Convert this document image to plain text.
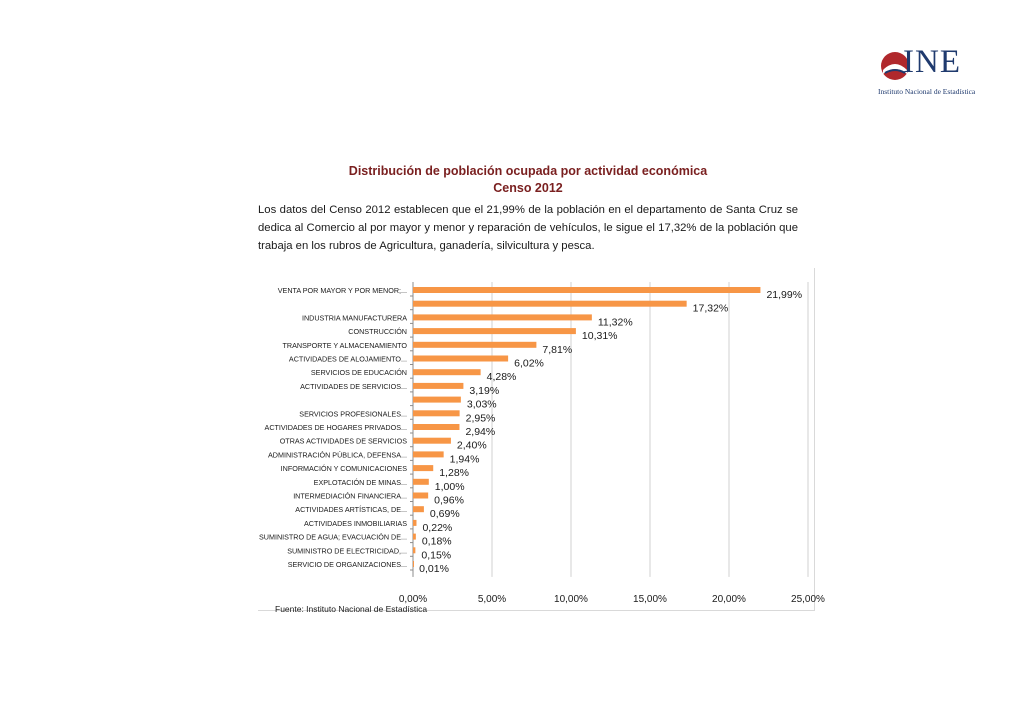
INE
Instituto Nacional de Estadística
Distribución de población ocupada por actividad económica
Censo 2012
Los datos del Censo 2012 establecen que el 21,99% de la población en el departamento de Santa Cruz se dedica al Comercio al por mayor y menor y reparación de vehículos, le sigue el 17,32% de la población que trabaja en los rubros de Agricultura, ganadería, silvicultura y pesca.
VENTA POR MAYOR Y POR MENOR;...	21,99%
17,32%
INDUSTRIA MANUFACTURERA	11,32%
CONSTRUCCIÓN	10,31%
TRANSPORTE Y ALMACENAMIENTO	7,81%
ACTIVIDADES DE ALOJAMIENTO...	6,02%
SERVICIOS DE EDUCACIÓN	4,28%
ACTIVIDADES DE SERVICIOS...	3,19%
3,03%
SERVICIOS PROFESIONALES...	2,95%
ACTIVIDADES DE HOGARES PRIVADOS...	2,94%
OTRAS ACTIVIDADES DE SERVICIOS	2,40%
ADMINISTRACIÓN PÚBLICA, DEFENSA...	1,94%
INFORMACIÓN Y COMUNICACIONES	1,28%
EXPLOTACIÓN DE MINAS...	1,00%
INTERMEDIACIÓN FINANCIERA...	0,96%
ACTIVIDADES ARTÍSTICAS, DE... 0,69%
ACTIVIDADES INMOBILIARIAS 0,22%
SUMINISTRO DE AGUA; EVACUACIÓN DE... 0,18%
SUMINISTRO DE ELECTRICIDAD,... 0,15%
SERVICIO DE ORGANIZACIONES... 0,01%
0,00%	5,00%	10,00%	15,00%	20,00%	25,00%
Fuente: Instituto Nacional de Estadística
